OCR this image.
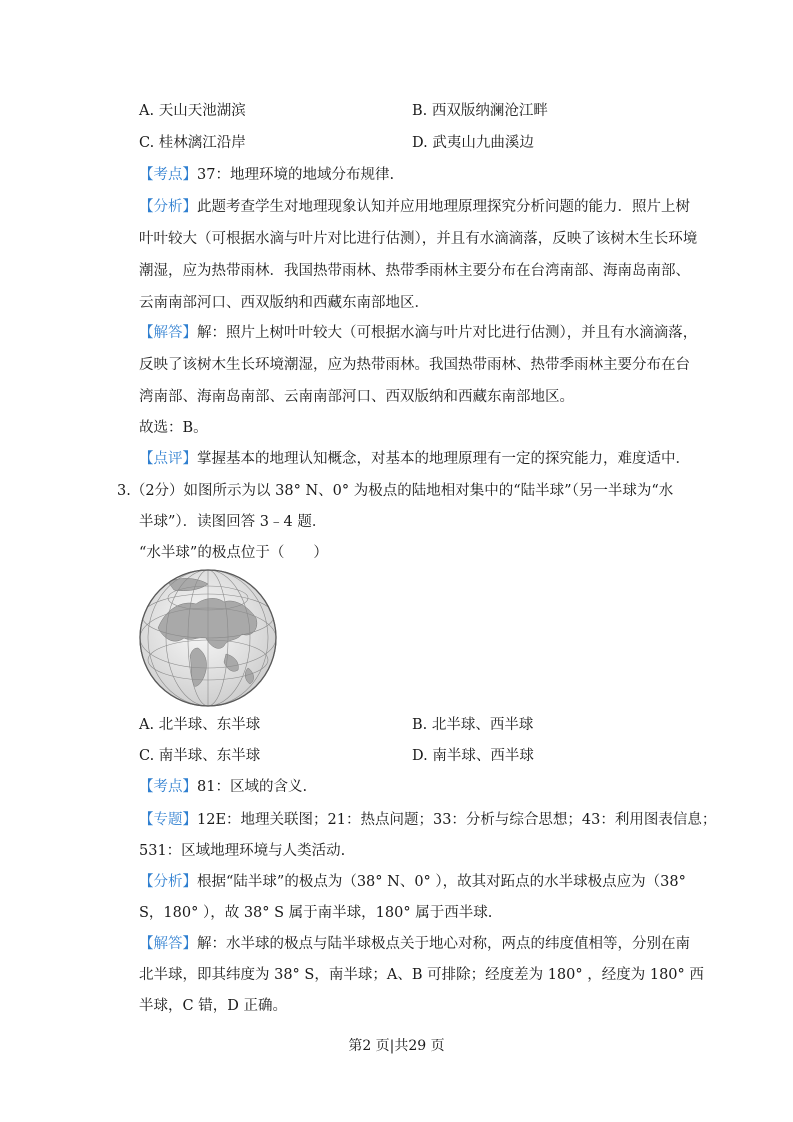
A. 天山天池湖滨	B. 西双版纳澜沧江畔
C. 桂林漓江沿岸	D. 武夷山九曲溪边
【考点】37：地理环境的地域分布规律.
【分析】此题考查学生对地理现象认知并应用地理原理探究分析问题的能力．照片上树
叶叶较大（可根据水滴与叶片对比进行估测），并且有水滴滴落，反映了该树木生长环境
潮湿，应为热带雨林．我国热带雨林、热带季雨林主要分布在台湾南部、海南岛南部、
云南南部河口、西双版纳和西藏东南部地区．
【解答】解：照片上树叶叶较大（可根据水滴与叶片对比进行估测），并且有水滴滴落，
反映了该树木生长环境潮湿，应为热带雨林。我国热带雨林、热带季雨林主要分布在台
湾南部、海南岛南部、云南南部河口、西双版纳和西藏东南部地区。
故选：B。
【点评】掌握基本的地理认知概念，对基本的地理原理有一定的探究能力，难度适中．
3.（2分）如图所示为以 38° N、0° 为极点的陆地相对集中的“陆半球”（另一半球为“水
半球”）．读图回答 3﹣4 题．
“水半球”的极点位于（　　）
A. 北半球、东半球	B. 北半球、西半球
C. 南半球、东半球	D. 南半球、西半球
【考点】81：区域的含义.
【专题】12E：地理关联图；21：热点问题；33：分析与综合思想；43：利用图表信息；
531：区域地理环境与人类活动.
【分析】根据“陆半球”的极点为（38° N、0° ），故其对跖点的水半球极点应为（38°
S，180° ），故 38° S 属于南半球，180° 属于西半球.
【解答】解：水半球的极点与陆半球极点关于地心对称，两点的纬度值相等，分别在南
北半球，即其纬度为 38° S，南半球；A、B 可排除；经度差为 180° ，经度为 180° 西
半球，C 错，D 正确。
第2 页|共29 页
